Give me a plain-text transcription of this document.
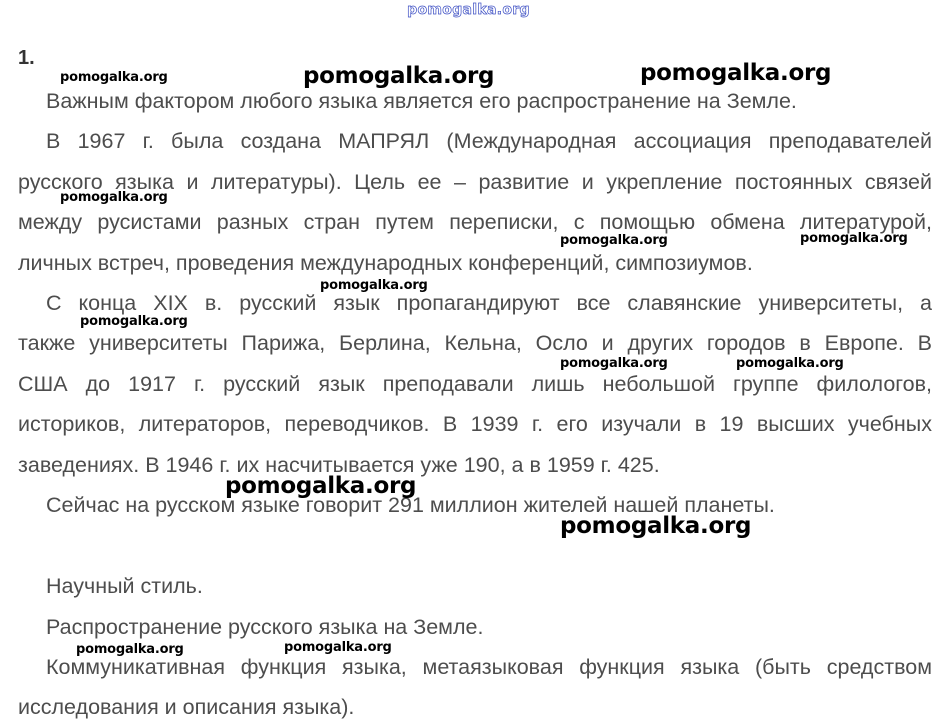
pomogalka.org
1.
Важным фактором любого языка является его распространение на Земле.
В 1967 г. была создана МАПРЯЛ (Международная ассоциация преподавателей
русского языка и литературы). Цель ее – развитие и укрепление постоянных связей
между русистами разных стран путем переписки, с помощью обмена литературой,
личных встреч, проведения международных конференций, симпозиумов.
С конца XIX в. русский язык пропагандируют все славянские университеты, а
также университеты Парижа, Берлина, Кельна, Осло и других городов в Европе. В
США до 1917 г. русский язык преподавали лишь небольшой группе филологов,
историков, литераторов, переводчиков. В 1939 г. его изучали в 19 высших учебных
заведениях. В 1946 г. их насчитывается уже 190, а в 1959 г. 425.
Сейчас на русском языке говорит 291 миллион жителей нашей планеты.
Научный стиль.
Распространение русского языка на Земле.
Коммуникативная функция языка, метаязыковая функция языка (быть средством
исследования и описания языка).
pomogalka.org	pomogalka.org	pomogalka.org
pomogalka.org
pomogalka.org	pomogalka.org
pomogalka.org
pomogalka.org
pomogalka.org	pomogalka.org
pomogalka.org
pomogalka.org
pomogalka.org	pomogalka.org
